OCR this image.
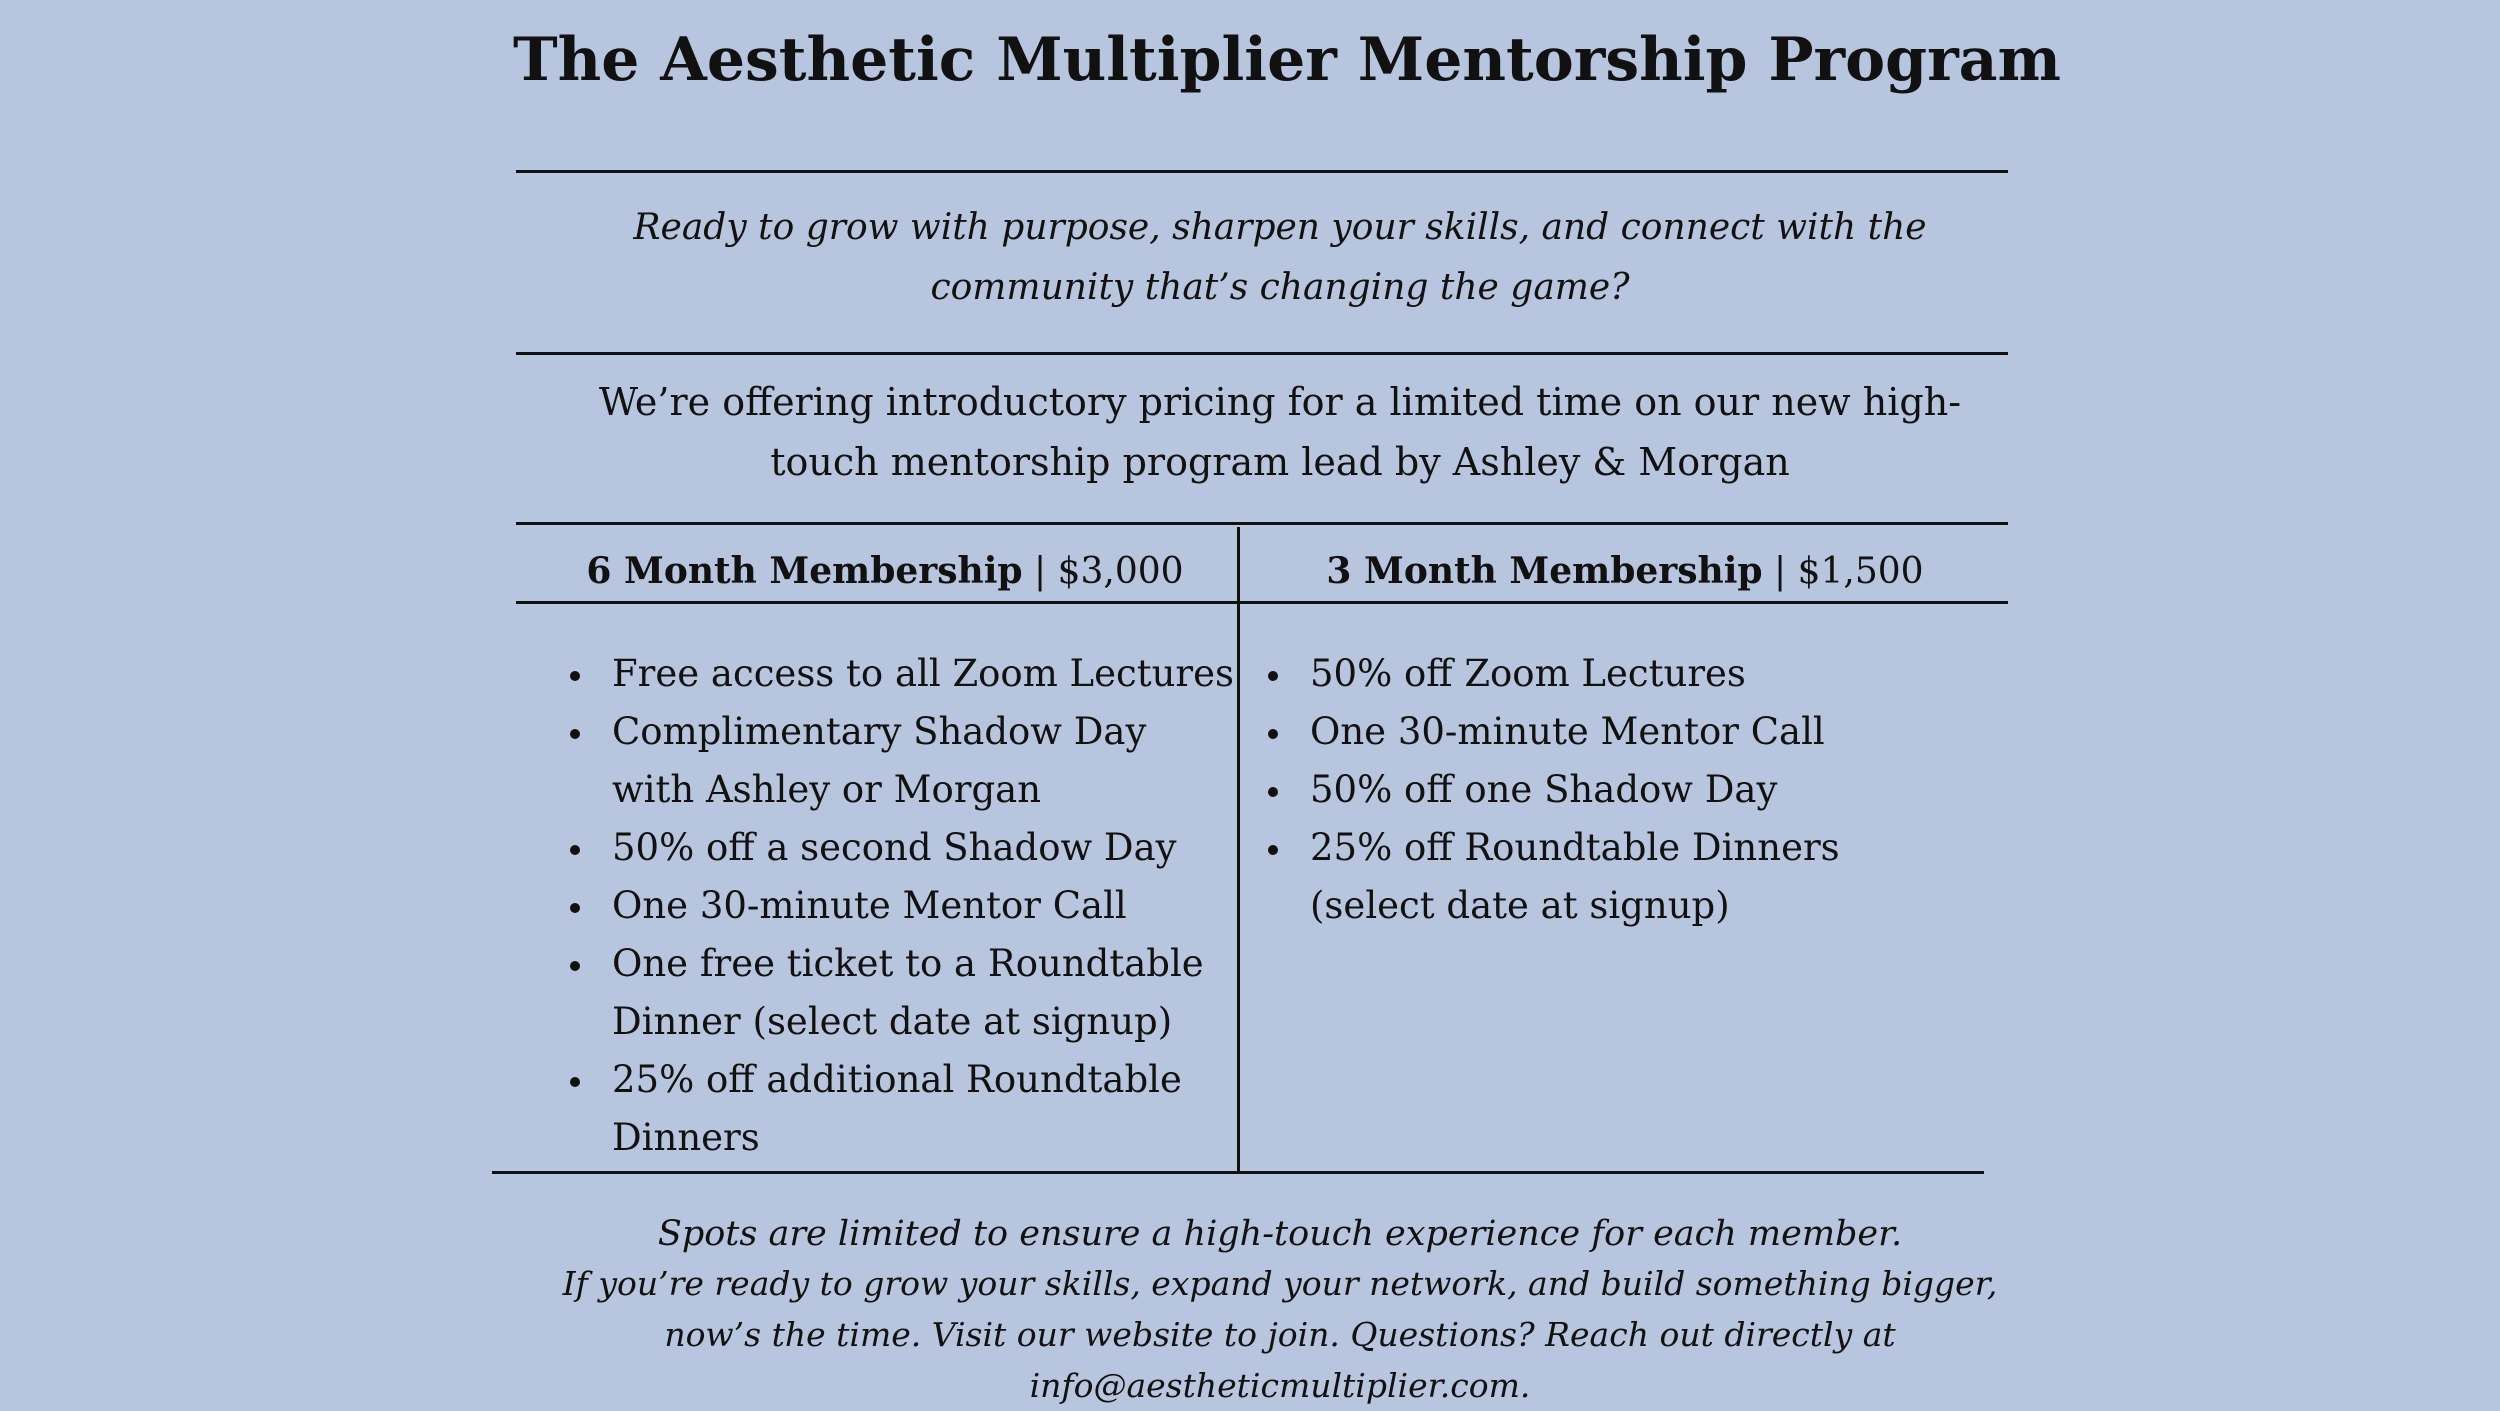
The Aesthetic Multiplier Mentorship Program
Ready to grow with purpose, sharpen your skills, and connect with the community that’s changing the game?
We’re offering introductory pricing for a limited time on our new high-touch mentorship program lead by Ashley & Morgan
6 Month Membership | $3,000	3 Month Membership | $1,500
Free access to all Zoom Lectures
Complimentary Shadow Day with Ashley or Morgan
50% off a second Shadow Day
One 30-minute Mentor Call
One free ticket to a Roundtable Dinner (select date at signup)
25% off additional Roundtable Dinners
50% off Zoom Lectures
One 30-minute Mentor Call
50% off one Shadow Day
25% off Roundtable Dinners (select date at signup)
Spots are limited to ensure a high-touch experience for each member.
If you’re ready to grow your skills, expand your network, and build something bigger, now’s the time. Visit our website to join. Questions? Reach out directly at info@aestheticmultiplier.com.
